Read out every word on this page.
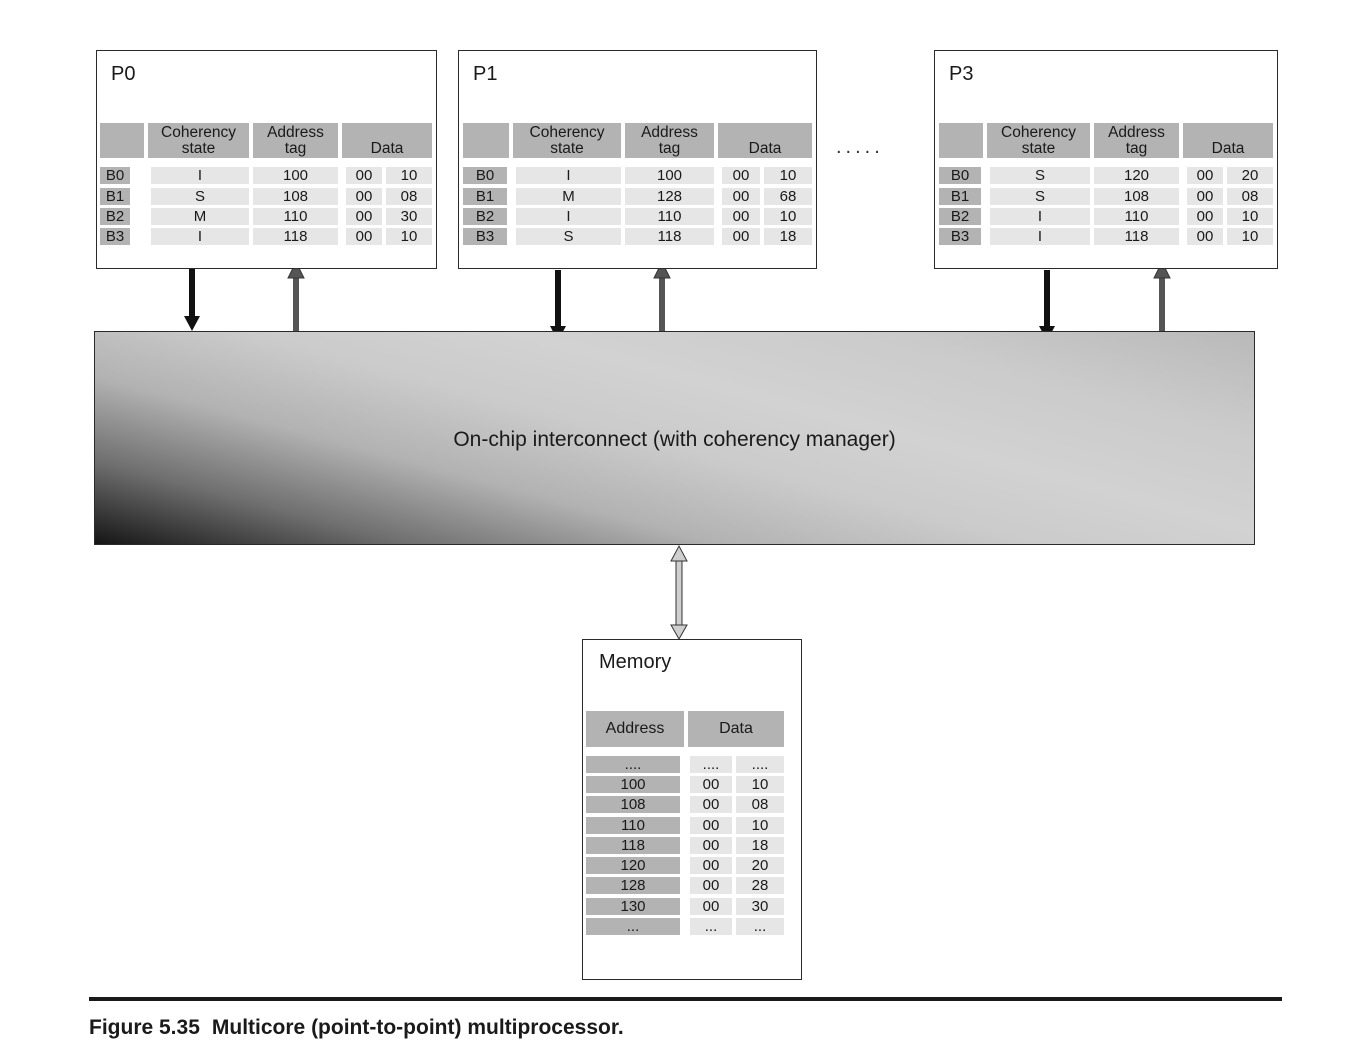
P0
Coherency state
Address tag	Data
B0	I	100	00	10
B1	S	108	00	08
B2	M	110	00	30
B3	I	118	00	10
P1
Coherency state
Address tag	Data
B0	I	100	00	10
B1	M	128	00	68
B2	I	110	00	10
B3	S	118	00	18
.....
P3
Coherency state
Address tag	Data
B0	S	120	00	20
B1	S	108	00	08
B2	I	110	00	10
B3	I	118	00	10
On-chip interconnect (with coherency manager)
Memory
Address	Data
....	....	....
100	00	10
108	00	08
110	00	10
118	00	18
120	00	20
128	00	28
130	00	30
...	...	...
Figure 5.35 Multicore (point-to-point) multiprocessor.
